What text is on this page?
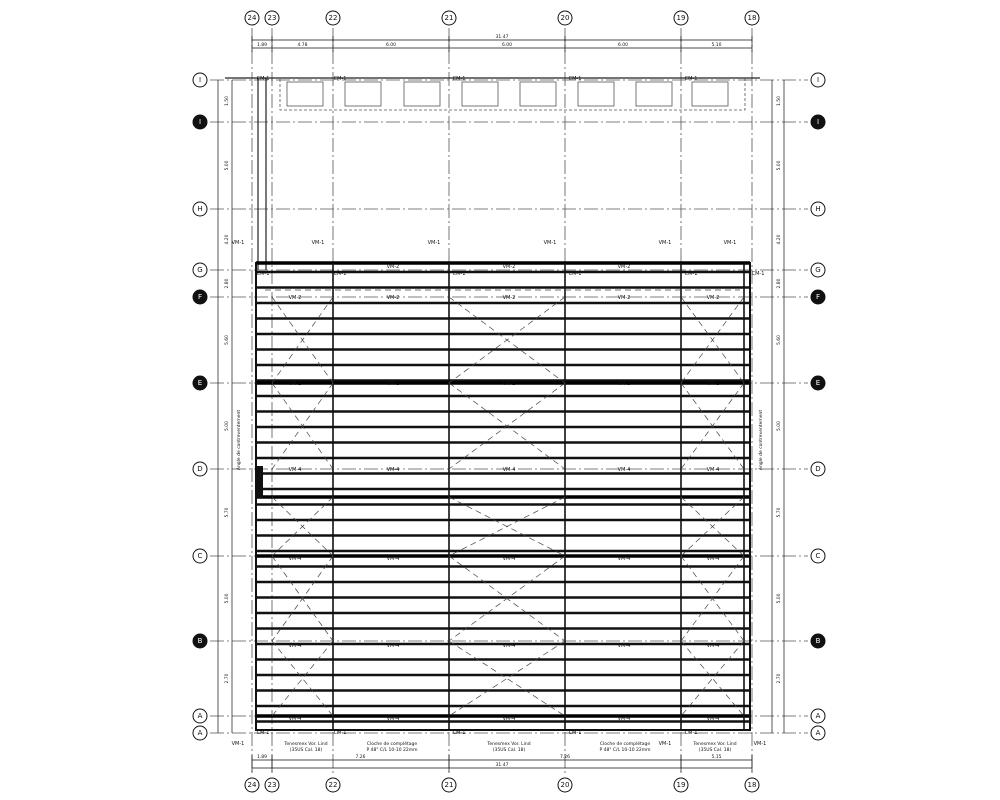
VM-1	VM-1	VM-1	VM-1	VM-1	VM-1
VM-2	VM-2	VM-2	VM-2	VM-2
VM-2	VM-2	VM-2	VM-2	VM-2
VM-4	VM-4	VM-4	VM-4	VM-4
VM-4	VM-4	VM-4	VM-4	VM-4
VM-4	VM-4	VM-4	VM-4	VM-4
VM-4	VM-4	VM-4	VM-4	VM-4
VM-1	VM-1	VM-1
VM-2	VM-2	VM-2
CM-1	CM-1	CM-1	CM-1	CM-1
CM-1	CM-1	CM-1	CM-1	CM-1	CM-1
CM-1	CM-1	CM-1	CM-1	CM-1
31.47
1.89	4.78	6.00	6.00	6.00	5.10
1.89	7.26	7.26	5.15
31.47
1.50	1.50
5.00	5.00
4.20	4.20
2.80	2.80
5.60	5.60
5.00	5.00
5.70	5.70
5.00	5.00
2.70	2.70
24
24
23
23
22
22
21
21
20
20
19
19
18
18
I	I
I	I
H	H
G	G
F	F
E	E
D	D
C	C
B	B
A	A
A	A
Tenesmex Vor. Lind
(35US Cal. 18)
Cloche de complétage
P 48" C/L 10-10 22mm
Tenesmex Vor. Lind
(35US Cal. 18)
Cloche de complétage
P 48" C/L 10-10 22mm
Tenesmex Vor. Lind
(35US Cal. 18)
Angle de contreventement	Angle de contreventement
